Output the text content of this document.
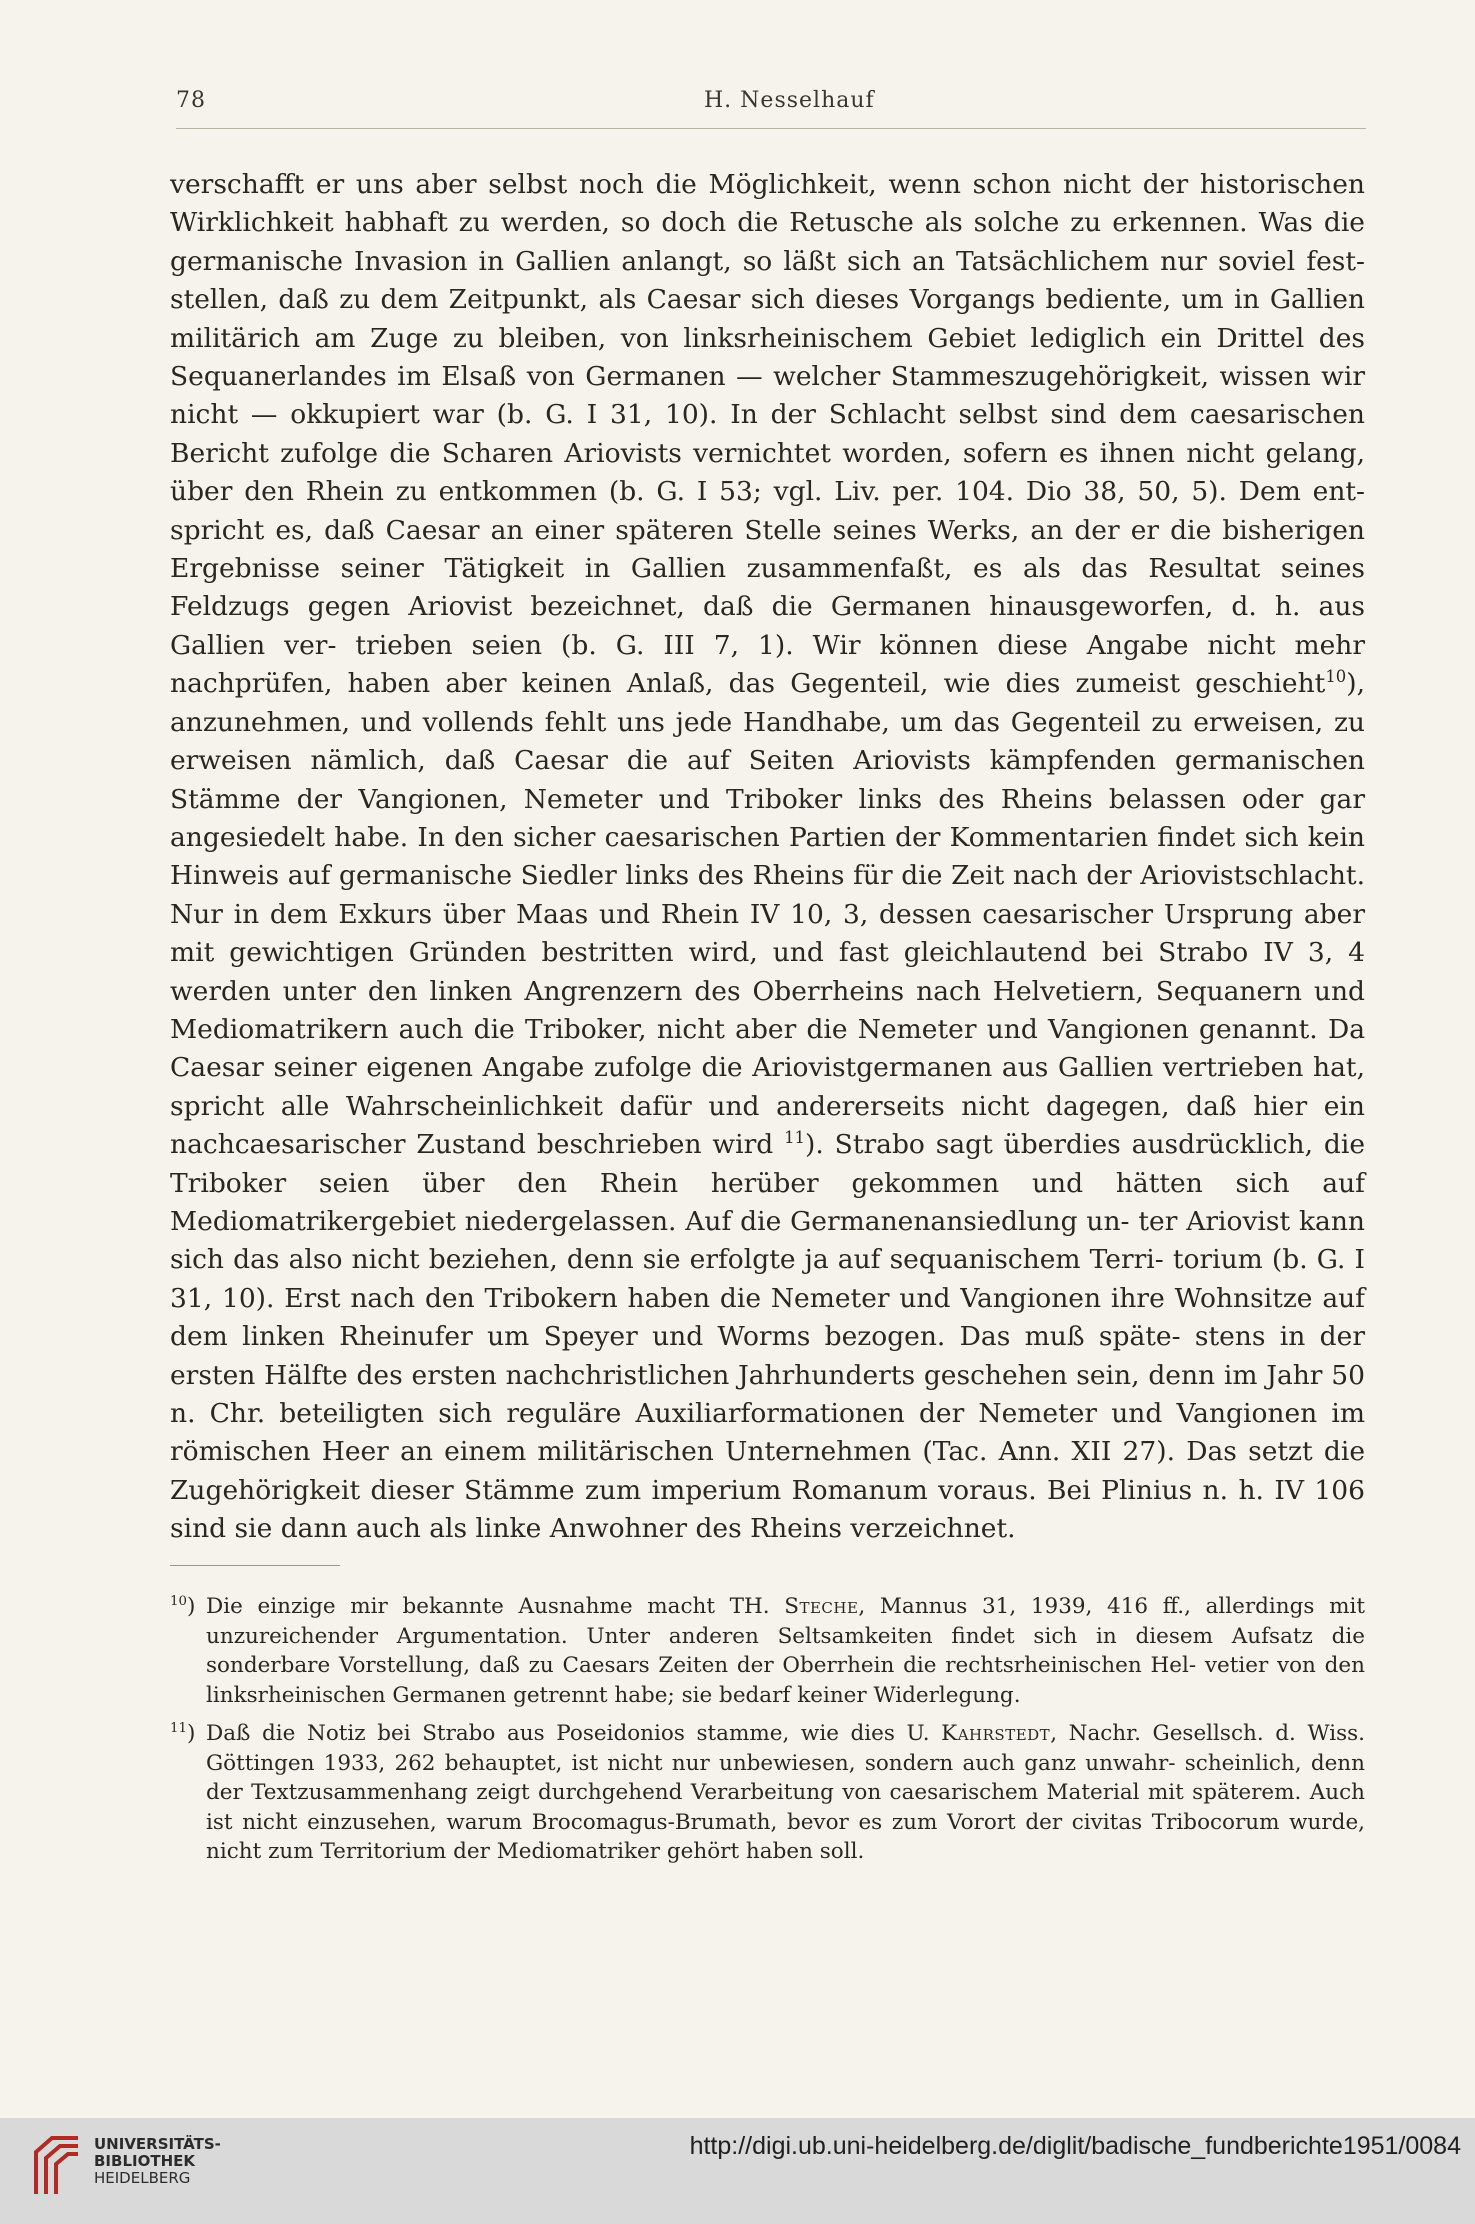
78	H. Nesselhauf

verschafft er uns aber selbst noch die Möglichkeit, wenn schon nicht der historischen Wirklichkeit habhaft zu werden, so doch die Retusche als solche zu erkennen. Was die germanische Invasion in Gallien anlangt, so läßt sich an Tatsächlichem nur soviel fest- stellen, daß zu dem Zeitpunkt, als Caesar sich dieses Vorgangs bediente, um in Gallien militärich am Zuge zu bleiben, von linksrheinischem Gebiet lediglich ein Drittel des Sequanerlandes im Elsaß von Germanen — welcher Stammeszugehörigkeit, wissen wir nicht — okkupiert war (b. G. I 31, 10). In der Schlacht selbst sind dem caesarischen Bericht zufolge die Scharen Ariovists vernichtet worden, sofern es ihnen nicht gelang, über den Rhein zu entkommen (b. G. I 53; vgl. Liv. per. 104. Dio 38, 50, 5). Dem ent- spricht es, daß Caesar an einer späteren Stelle seines Werks, an der er die bisherigen Ergebnisse seiner Tätigkeit in Gallien zusammenfaßt, es als das Resultat seines Feldzugs gegen Ariovist bezeichnet, daß die Germanen hinausgeworfen, d. h. aus Gallien ver- trieben seien (b. G. III 7, 1). Wir können diese Angabe nicht mehr nachprüfen, haben aber keinen Anlaß, das Gegenteil, wie dies zumeist geschieht$^{10}$), anzunehmen, und vollends fehlt uns jede Handhabe, um das Gegenteil zu erweisen, zu erweisen nämlich, daß Caesar die auf Seiten Ariovists kämpfenden germanischen Stämme der Vangionen, Nemeter und Triboker links des Rheins belassen oder gar angesiedelt habe. In den sicher caesarischen Partien der Kommentarien findet sich kein Hinweis auf germanische Siedler links des Rheins für die Zeit nach der Ariovistschlacht. Nur in dem Exkurs über Maas und Rhein IV 10, 3, dessen caesarischer Ursprung aber mit gewichtigen Gründen bestritten wird, und fast gleichlautend bei Strabo IV 3, 4 werden unter den linken Angrenzern des Oberrheins nach Helvetiern, Sequanern und Mediomatrikern auch die Triboker, nicht aber die Nemeter und Vangionen genannt. Da Caesar seiner eigenen Angabe zufolge die Ariovistgermanen aus Gallien vertrieben hat, spricht alle Wahrscheinlichkeit dafür und andererseits nicht dagegen, daß hier ein nachcaesarischer Zustand beschrieben wird $^{11}$). Strabo sagt überdies ausdrücklich, die Triboker seien über den Rhein herüber gekommen und hätten sich auf Mediomatrikergebiet niedergelassen. Auf die Germanenansiedlung un- ter Ariovist kann sich das also nicht beziehen, denn sie erfolgte ja auf sequanischem Terri- torium (b. G. I 31, 10). Erst nach den Tribokern haben die Nemeter und Vangionen ihre Wohnsitze auf dem linken Rheinufer um Speyer und Worms bezogen. Das muß späte- stens in der ersten Hälfte des ersten nachchristlichen Jahrhunderts geschehen sein, denn im Jahr 50 n. Chr. beteiligten sich reguläre Auxiliarformationen der Nemeter und Vangionen im römischen Heer an einem militärischen Unternehmen (Tac. Ann. XII 27). Das setzt die Zugehörigkeit dieser Stämme zum imperium Romanum voraus. Bei Plinius n. h. IV 106 sind sie dann auch als linke Anwohner des Rheins verzeichnet.

$^{10}$) Die einzige mir bekannte Ausnahme macht TH. Steche, Mannus 31, 1939, 416 ff., allerdings mit unzureichender Argumentation. Unter anderen Seltsamkeiten findet sich in diesem Aufsatz die sonderbare Vorstellung, daß zu Caesars Zeiten der Oberrhein die rechtsrheinischen Hel- vetier von den linksrheinischen Germanen getrennt habe; sie bedarf keiner Widerlegung.
$^{11}$) Daß die Notiz bei Strabo aus Poseidonios stamme, wie dies U. Kahrstedt, Nachr. Gesellsch. d. Wiss. Göttingen 1933, 262 behauptet, ist nicht nur unbewiesen, sondern auch ganz unwahr- scheinlich, denn der Textzusammenhang zeigt durchgehend Verarbeitung von caesarischem Material mit späterem. Auch ist nicht einzusehen, warum Brocomagus-Brumath, bevor es zum Vorort der civitas Tribocorum wurde, nicht zum Territorium der Mediomatriker gehört haben soll.
UNIVERSITÄTS-
BIBLIOTHEK
HEIDELBERG
http://digi.ub.uni-heidelberg.de/diglit/badische_fundberichte1951/0084
